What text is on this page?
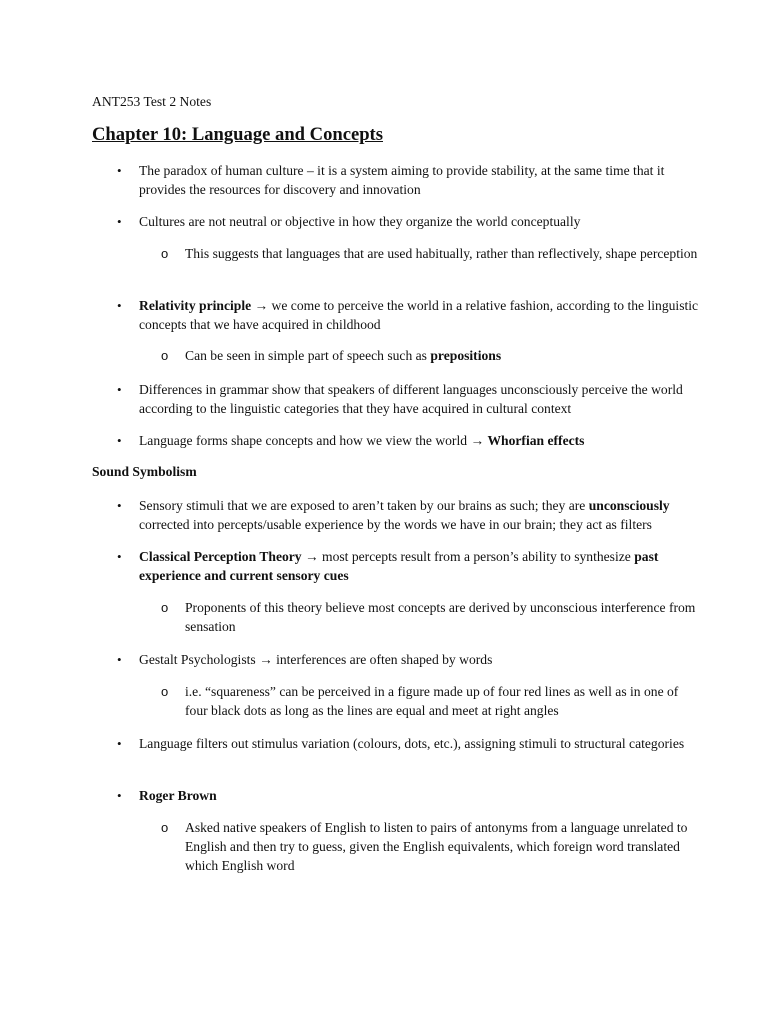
ANT253 Test 2 Notes
Chapter 10: Language and Concepts
• The paradox of human culture – it is a system aiming to provide stability, at the same time that it provides the resources for discovery and innovation
• Cultures are not neutral or objective in how they organize the world conceptually
o This suggests that languages that are used habitually, rather than reflectively, shape perception
• Relativity principle → we come to perceive the world in a relative fashion, according to the linguistic concepts that we have acquired in childhood
o Can be seen in simple part of speech such as prepositions
• Differences in grammar show that speakers of different languages unconsciously perceive the world according to the linguistic categories that they have acquired in cultural context
• Language forms shape concepts and how we view the world → Whorfian effects
Sound Symbolism
• Sensory stimuli that we are exposed to aren’t taken by our brains as such; they are unconsciously corrected into percepts/usable experience by the words we have in our brain; they act as filters
• Classical Perception Theory → most percepts result from a person’s ability to synthesize past experience and current sensory cues
o Proponents of this theory believe most concepts are derived by unconscious interference from sensation
• Gestalt Psychologists → interferences are often shaped by words
o i.e. “squareness” can be perceived in a figure made up of four red lines as well as in one of four black dots as long as the lines are equal and meet at right angles
• Language filters out stimulus variation (colours, dots, etc.), assigning stimuli to structural categories
• Roger Brown
o Asked native speakers of English to listen to pairs of antonyms from a language unrelated to English and then try to guess, given the English equivalents, which foreign word translated which English word
